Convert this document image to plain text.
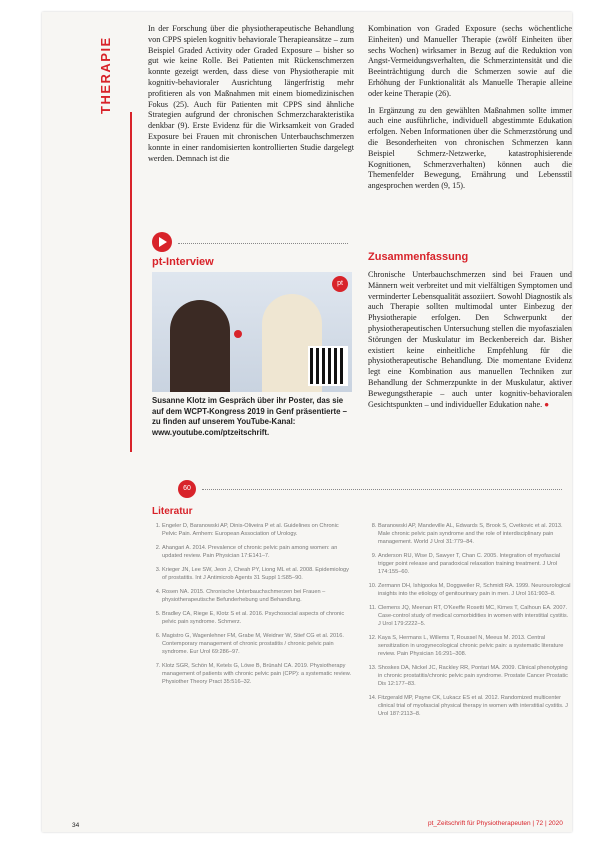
THERAPIE

In der Forschung über die physiotherapeutische Behandlung von CPPS spielen kognitiv behaviorale Therapieansätze – zum Beispiel Graded Activity oder Graded Exposure – bisher so gut wie keine Rolle. Bei Patienten mit Rückenschmerzen konnte gezeigt werden, dass diese von Physiotherapie mit kognitiv-behavioraler Ausrichtung längerfristig mehr profitieren als von Maßnahmen mit einem biomedizinischen Fokus (25). Auch für Patienten mit CPPS sind ähnliche Strategien aufgrund der chronischen Schmerzcharakteristika denkbar (9). Erste Evidenz für die Wirksamkeit von Graded Exposure bei Frauen mit chronischen Unterbauchschmerzen konnte in einer randomisierten kontrollierten Studie dargelegt werden. Demnach ist die

Kombination von Graded Exposure (sechs wöchentliche Einheiten) und Manueller Therapie (zwölf Einheiten über sechs Wochen) wirksamer in Bezug auf die Reduktion von Angst-Vermeidungsverhalten, die Schmerzintensität und die Beeinträchtigung durch die Schmerzen sowie auf die Erhöhung der Funktionalität als Manuelle Therapie alleine oder keine Therapie (26).

In Ergänzung zu den gewählten Maßnahmen sollte immer auch eine ausführliche, individuell abgestimmte Edukation erfolgen. Neben Informationen über die Schmerzstörung und die Besonderheiten von chronischen Schmerzen kann Beispiel Schmerz-Netzwerke, katastrophisierende Kognitionen, Schmerzverhalten) können auch die Themenfelder Bewegung, Ernährung und Lebensstil angesprochen werden (9, 15).

pt-Interview
pt
Susanne Klotz im Gespräch über ihr Poster, das sie auf dem WCPT-Kongress 2019 in Genf präsentierte – zu finden auf unserem YouTube-Kanal: www.youtube.com/ptzeitschrift.
Zusammenfassung

Chronische Unterbauchschmerzen sind bei Frauen und Männern weit verbreitet und mit vielfältigen Symptomen und verminderter Lebensqualität assoziiert. Sowohl Diagnostik als auch Therapie sollten multimodal unter Einbezug der Physiotherapie erfolgen. Den Schwerpunkt der physiotherapeutischen Untersuchung stellen die myofaszialen Störungen der Muskulatur im Beckenbereich dar. Bisher existiert keine einheitliche Empfehlung für die physiotherapeutische Behandlung. Die momentane Evidenz legt eine Kombination aus manuellen Techniken zur Behandlung der Schmerzpunkte in der Muskulatur, aktiver Bewegungstherapie – auch unter kognitiv-behavioralen Gesichtspunkten – und individueller Edukation nahe. ●

60
Literatur
1. Engeler D, Baranowski AP, Dinis-Oliveira P et al. Guidelines on Chronic Pelvic Pain. Arnhem: European Association of Urology.
2. Ahangari A. 2014. Prevalence of chronic pelvic pain among women: an updated review. Pain Physician 17:E141–7.
3. Krieger JN, Lee SW, Jeon J, Cheah PY, Liong ML et al. 2008. Epidemiology of prostatitis. Int J Antimicrob Agents 31 Suppl 1:S85–90.
4. Rosen NA. 2015. Chronische Unterbauchschmerzen bei Frauen – physiotherapeutische Befunderhebung und Behandlung.
5. Bradley CA, Riege E, Klotz S et al. 2016. Psychosocial aspects of chronic pelvic pain syndrome. Schmerz.
6. Magistro G, Wagenlehner FM, Grabe M, Weidner W, Stief CG et al. 2016. Contemporary management of chronic prostatitis / chronic pelvic pain syndrome. Eur Urol 69:286–97.
7. Klotz SGR, Schön M, Ketels G, Löwe B, Brünahl CA. 2019. Physiotherapy management of patients with chronic pelvic pain (CPP): a systematic review. Physiother Theory Pract 35:516–32.
8. Baranowski AP, Mandeville AL, Edwards S, Brook S, Cvetkovic et al. 2013. Male chronic pelvic pain syndrome and the role of interdisciplinary pain management. World J Urol 31:779–84.
9. Anderson RU, Wise D, Sawyer T, Chan C. 2005. Integration of myofascial trigger point release and paradoxical relaxation training treatment. J Urol 174:155–60.
10. Zermann DH, Ishigooka M, Doggweiler R, Schmidt RA. 1999. Neurourological insights into the etiology of genitourinary pain in men. J Urol 161:903–8.
11. Clemens JQ, Meenan RT, O'Keeffe Rosetti MC, Kimes T, Calhoun EA. 2007. Case-control study of medical comorbidities in women with interstitial cystitis. J Urol 179:2222–5.
12. Kaya S, Hermans L, Willems T, Roussel N, Meeus M. 2013. Central sensitization in urogynecological chronic pelvic pain: a systematic literature review. Pain Physician 16:291–308.
13. Shoskes DA, Nickel JC, Rackley RR, Pontari MA. 2009. Clinical phenotyping in chronic prostatitis/chronic pelvic pain syndrome. Prostate Cancer Prostatic Dis 12:177–83.
14. Fitzgerald MP, Payne CK, Lukacz ES et al. 2012. Randomized multicenter clinical trial of myofascial physical therapy in women with interstitial cystitis. J Urol 187:2113–8.
34	pt_Zeitschrift für Physiotherapeuten | 72 | 2020
